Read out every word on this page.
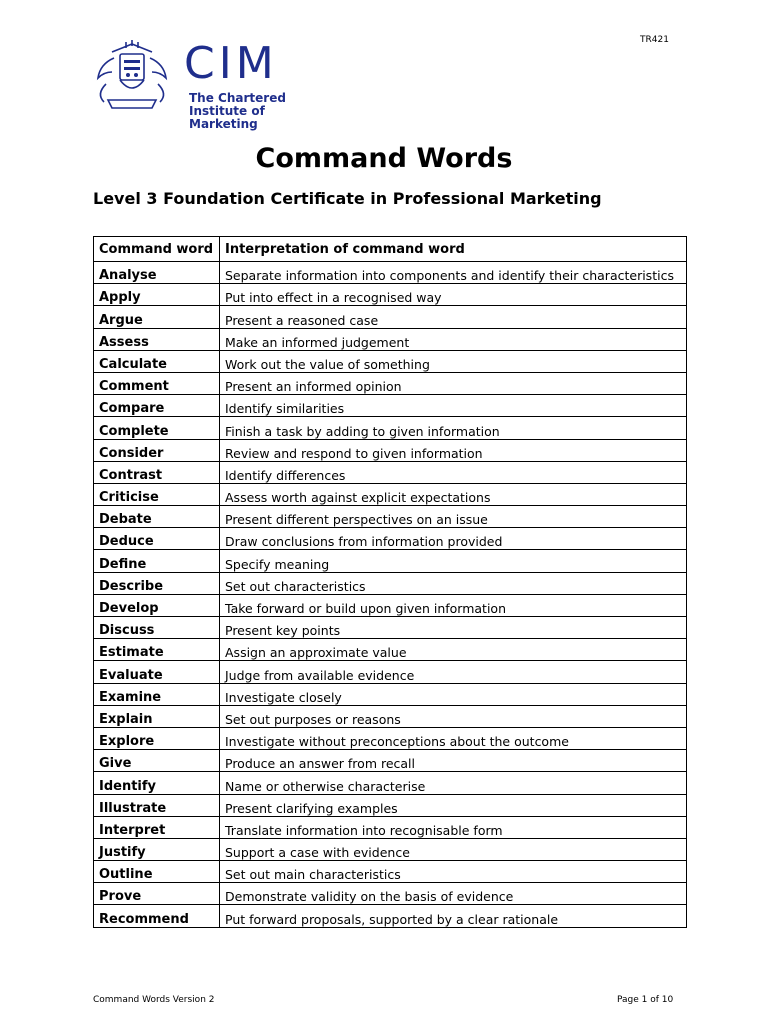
TR421
CIM
The Chartered
Institute of Marketing
Command Words
Level 3 Foundation Certificate in Professional Marketing
Command word	Interpretation of command word
Analyse	Separate information into components and identify their characteristics
Apply	Put into effect in a recognised way
Argue	Present a reasoned case
Assess	Make an informed judgement
Calculate	Work out the value of something
Comment	Present an informed opinion
Compare	Identify similarities
Complete	Finish a task by adding to given information
Consider	Review and respond to given information
Contrast	Identify differences
Criticise	Assess worth against explicit expectations
Debate	Present different perspectives on an issue
Deduce	Draw conclusions from information provided
Define	Specify meaning
Describe	Set out characteristics
Develop	Take forward or build upon given information
Discuss	Present key points
Estimate	Assign an approximate value
Evaluate	Judge from available evidence
Examine	Investigate closely
Explain	Set out purposes or reasons
Explore	Investigate without preconceptions about the outcome
Give	Produce an answer from recall
Identify	Name or otherwise characterise
Illustrate	Present clarifying examples
Interpret	Translate information into recognisable form
Justify	Support a case with evidence
Outline	Set out main characteristics
Prove	Demonstrate validity on the basis of evidence
Recommend	Put forward proposals, supported by a clear rationale
Command Words Version 2	Page 1 of 10
